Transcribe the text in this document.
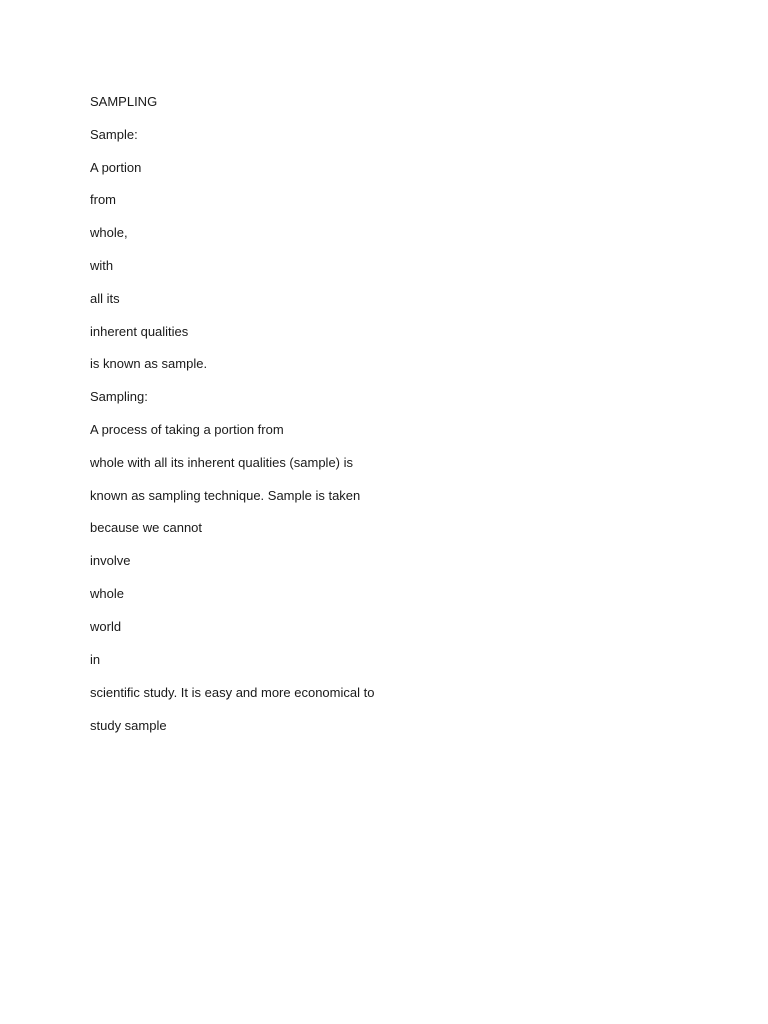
SAMPLING

Sample:

A portion

from

whole,

with

all its

inherent qualities

is known as sample.

Sampling:

A process of taking a portion from

whole with all its inherent qualities (sample) is

known as sampling technique. Sample is taken

because we cannot

involve

whole

world

in

scientific study. It is easy and more economical to

study sample
